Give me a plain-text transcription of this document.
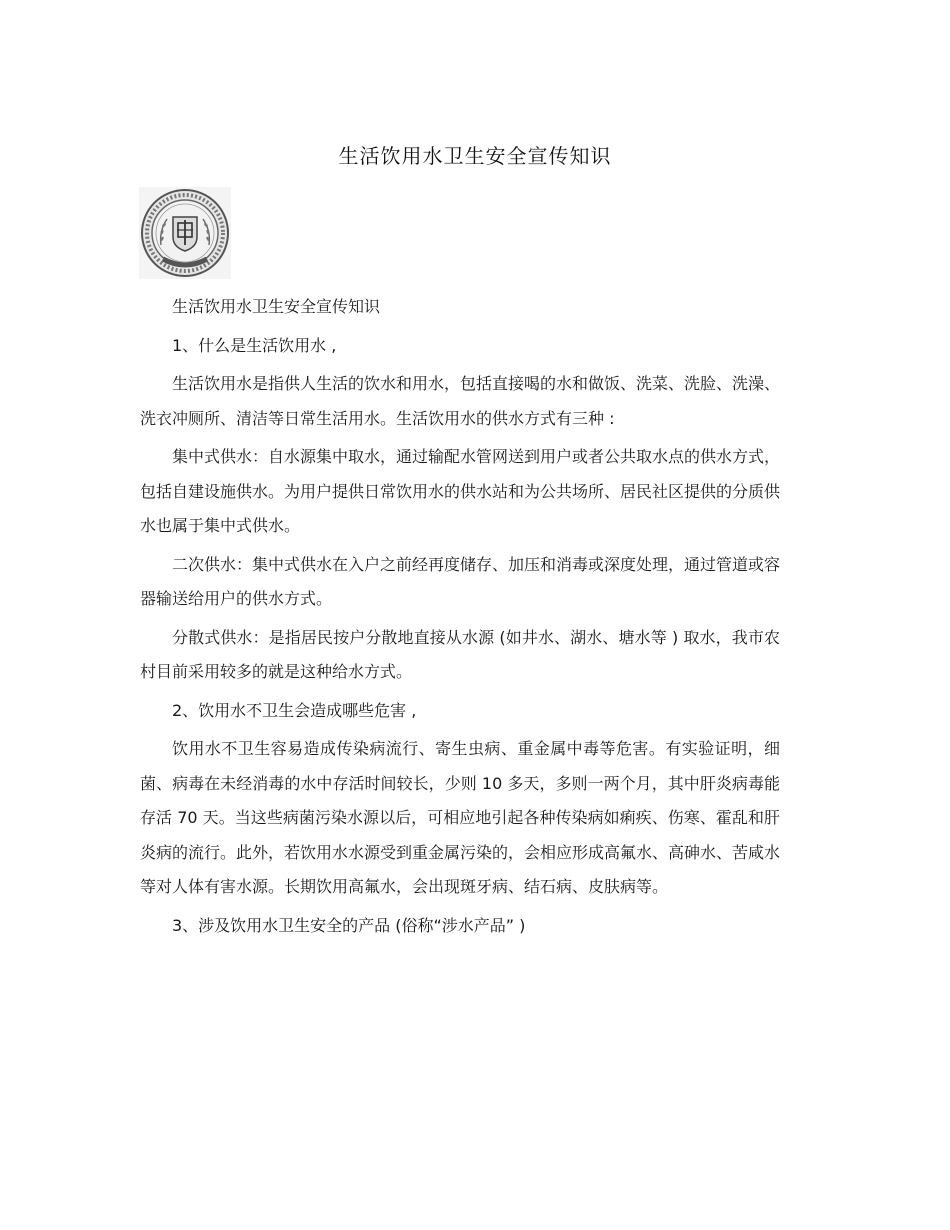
生活饮用水卫生安全宣传知识

生活饮用水卫生安全宣传知识

1、什么是生活饮用水 ,

生活饮用水是指供人生活的饮水和用水，包括直接喝的水和做饭、洗菜、洗脸、洗澡、洗衣冲厕所、清洁等日常生活用水。生活饮用水的供水方式有三种 :

集中式供水：自水源集中取水，通过输配水管网送到用户或者公共取水点的供水方式，包括自建设施供水。为用户提供日常饮用水的供水站和为公共场所、居民社区提供的分质供水也属于集中式供水。

二次供水：集中式供水在入户之前经再度储存、加压和消毒或深度处理，通过管道或容器输送给用户的供水方式。

分散式供水：是指居民按户分散地直接从水源 (如井水、湖水、塘水等 ) 取水，我市农村目前采用较多的就是这种给水方式。

2、饮用水不卫生会造成哪些危害 ,

饮用水不卫生容易造成传染病流行、寄生虫病、重金属中毒等危害。有实验证明，细菌、病毒在未经消毒的水中存活时间较长，少则 10 多天，多则一两个月，其中肝炎病毒能存活 70 天。当这些病菌污染水源以后，可相应地引起各种传染病如痢疾、伤寒、霍乱和肝炎病的流行。此外，若饮用水水源受到重金属污染的，会相应形成高氟水、高砷水、苦咸水等对人体有害水源。长期饮用高氟水，会出现斑牙病、结石病、皮肤病等。

3、涉及饮用水卫生安全的产品 (俗称“涉水产品” )
